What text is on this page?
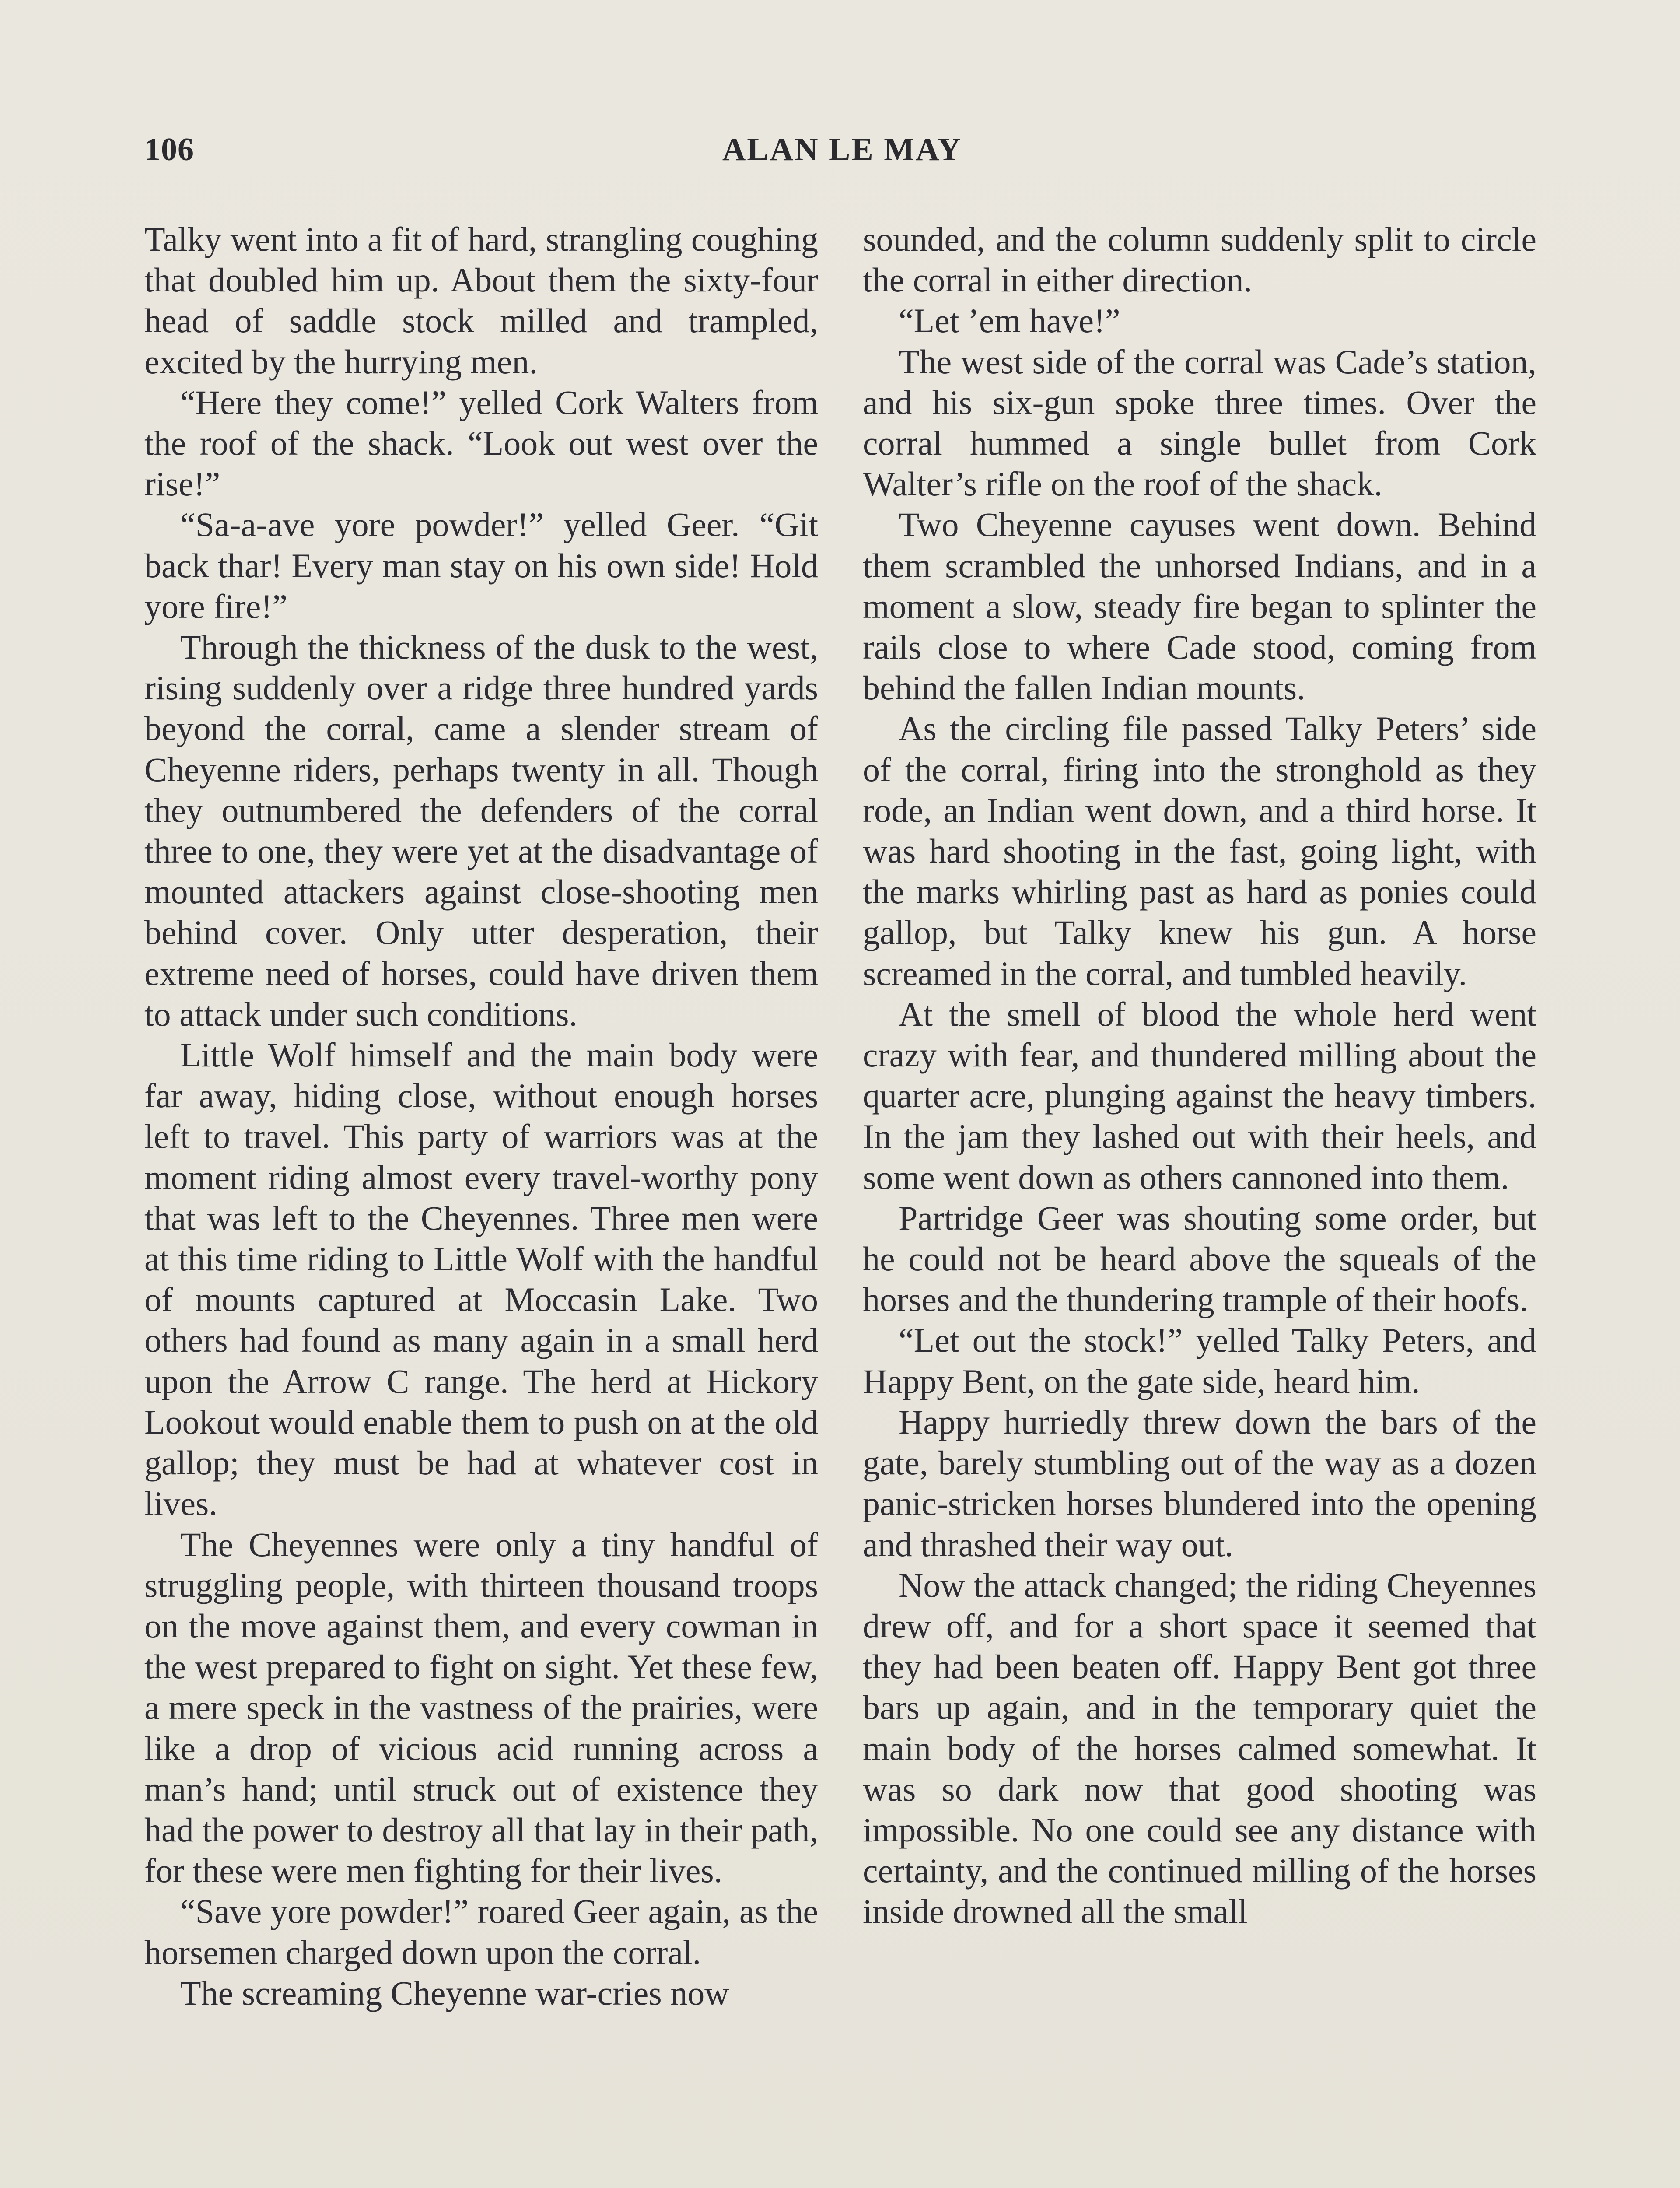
106	ALAN LE MAY

Talky went into a fit of hard, strangling coughing that doubled him up. About them the sixty-four head of saddle stock milled and trampled, excited by the hurrying men.

“Here they come!” yelled Cork Walters from the roof of the shack. “Look out west over the rise!”

“Sa-a-ave yore powder!” yelled Geer. “Git back thar! Every man stay on his own side! Hold yore fire!”

Through the thickness of the dusk to the west, rising suddenly over a ridge three hundred yards beyond the corral, came a slender stream of Cheyenne riders, perhaps twenty in all. Though they outnumbered the defenders of the corral three to one, they were yet at the disadvantage of mounted attackers against close-shooting men behind cover. Only utter desperation, their extreme need of horses, could have driven them to attack under such conditions.

Little Wolf himself and the main body were far away, hiding close, without enough horses left to travel. This party of warriors was at the moment riding almost every travel-worthy pony that was left to the Cheyennes. Three men were at this time riding to Little Wolf with the handful of mounts captured at Moccasin Lake. Two others had found as many again in a small herd upon the Arrow C range. The herd at Hickory Lookout would enable them to push on at the old gallop; they must be had at whatever cost in lives.

The Cheyennes were only a tiny handful of struggling people, with thirteen thousand troops on the move against them, and every cowman in the west prepared to fight on sight. Yet these few, a mere speck in the vastness of the prairies, were like a drop of vicious acid running across a man’s hand; until struck out of existence they had the power to destroy all that lay in their path, for these were men fighting for their lives.

“Save yore powder!” roared Geer again, as the horsemen charged down upon the corral.

The screaming Cheyenne war-cries now

sounded, and the column suddenly split to circle the corral in either direction.

“Let ’em have!”

The west side of the corral was Cade’s station, and his six-gun spoke three times. Over the corral hummed a single bullet from Cork Walter’s rifle on the roof of the shack.

Two Cheyenne cayuses went down. Behind them scrambled the unhorsed Indians, and in a moment a slow, steady fire began to splinter the rails close to where Cade stood, coming from behind the fallen Indian mounts.

As the circling file passed Talky Peters’ side of the corral, firing into the stronghold as they rode, an Indian went down, and a third horse. It was hard shooting in the fast, going light, with the marks whirling past as hard as ponies could gallop, but Talky knew his gun. A horse screamed in the corral, and tumbled heavily.

At the smell of blood the whole herd went crazy with fear, and thundered milling about the quarter acre, plunging against the heavy timbers. In the jam they lashed out with their heels, and some went down as others cannoned into them.

Partridge Geer was shouting some order, but he could not be heard above the squeals of the horses and the thundering trample of their hoofs.

“Let out the stock!” yelled Talky Peters, and Happy Bent, on the gate side, heard him.

Happy hurriedly threw down the bars of the gate, barely stumbling out of the way as a dozen panic-stricken horses blundered into the opening and thrashed their way out.

Now the attack changed; the riding Cheyennes drew off, and for a short space it seemed that they had been beaten off. Happy Bent got three bars up again, and in the temporary quiet the main body of the horses calmed somewhat. It was so dark now that good shooting was impossible. No one could see any distance with certainty, and the continued milling of the horses inside drowned all the small
